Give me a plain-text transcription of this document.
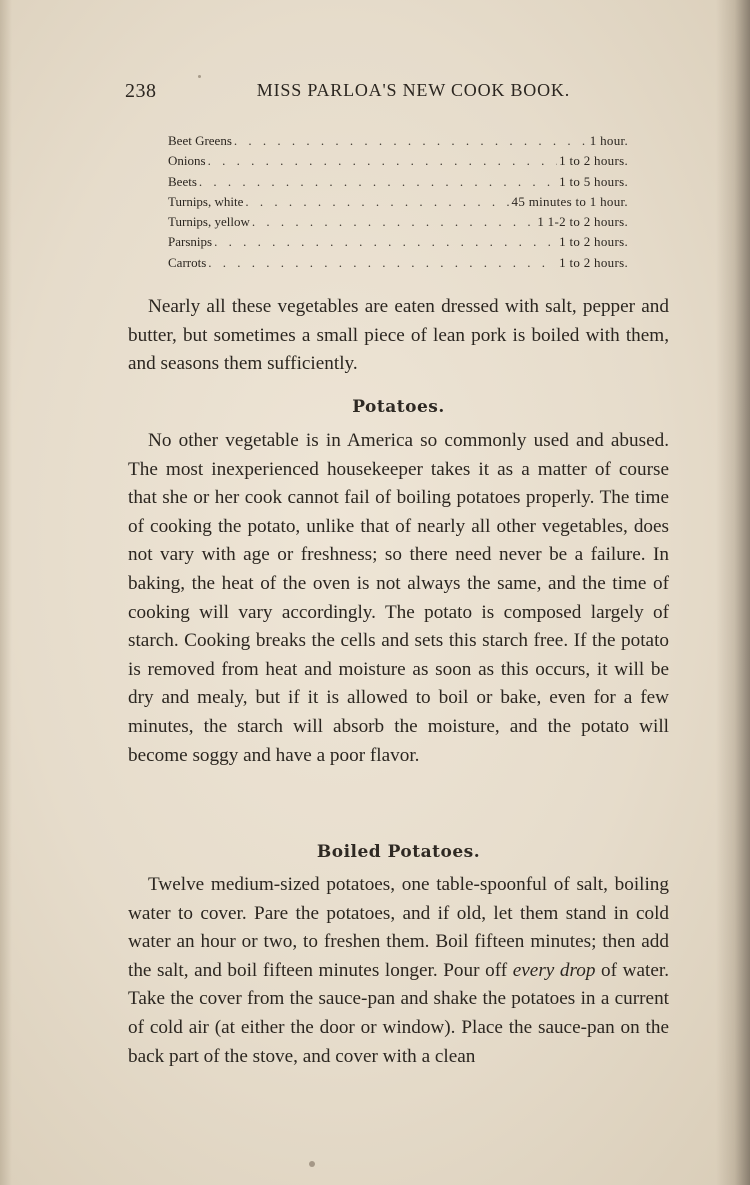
238	MISS PARLOA'S NEW COOK BOOK.
Beet Greens . . .	1 hour.
Onions . . .	1 to 2 hours.
Beets . . .	1 to 5 hours.
Turnips, white . . .	45 minutes to 1 hour.
Turnips, yellow . . .	1 1-2 to 2 hours.
Parsnips . . .	1 to 2 hours.
Carrots . . .	1 to 2 hours.

Nearly all these vegetables are eaten dressed with salt, pepper and butter, but sometimes a small piece of lean pork is boiled with them, and seasons them sufficiently.

Potatoes.

No other vegetable is in America so commonly used and abused. The most inexperienced housekeeper takes it as a matter of course that she or her cook cannot fail of boiling potatoes properly. The time of cooking the potato, unlike that of nearly all other vegetables, does not vary with age or freshness; so there need never be a failure. In baking, the heat of the oven is not always the same, and the time of cooking will vary accordingly. The potato is composed largely of starch. Cooking breaks the cells and sets this starch free. If the potato is removed from heat and moisture as soon as this occurs, it will be dry and mealy, but if it is allowed to boil or bake, even for a few minutes, the starch will absorb the moisture, and the potato will become soggy and have a poor flavor.

Boiled Potatoes.

Twelve medium-sized potatoes, one table-spoonful of salt, boiling water to cover. Pare the potatoes, and if old, let them stand in cold water an hour or two, to freshen them. Boil fifteen minutes; then add the salt, and boil fifteen minutes longer. Pour off every drop of water. Take the cover from the sauce-pan and shake the potatoes in a current of cold air (at either the door or window). Place the sauce-pan on the back part of the stove, and cover with a clean
